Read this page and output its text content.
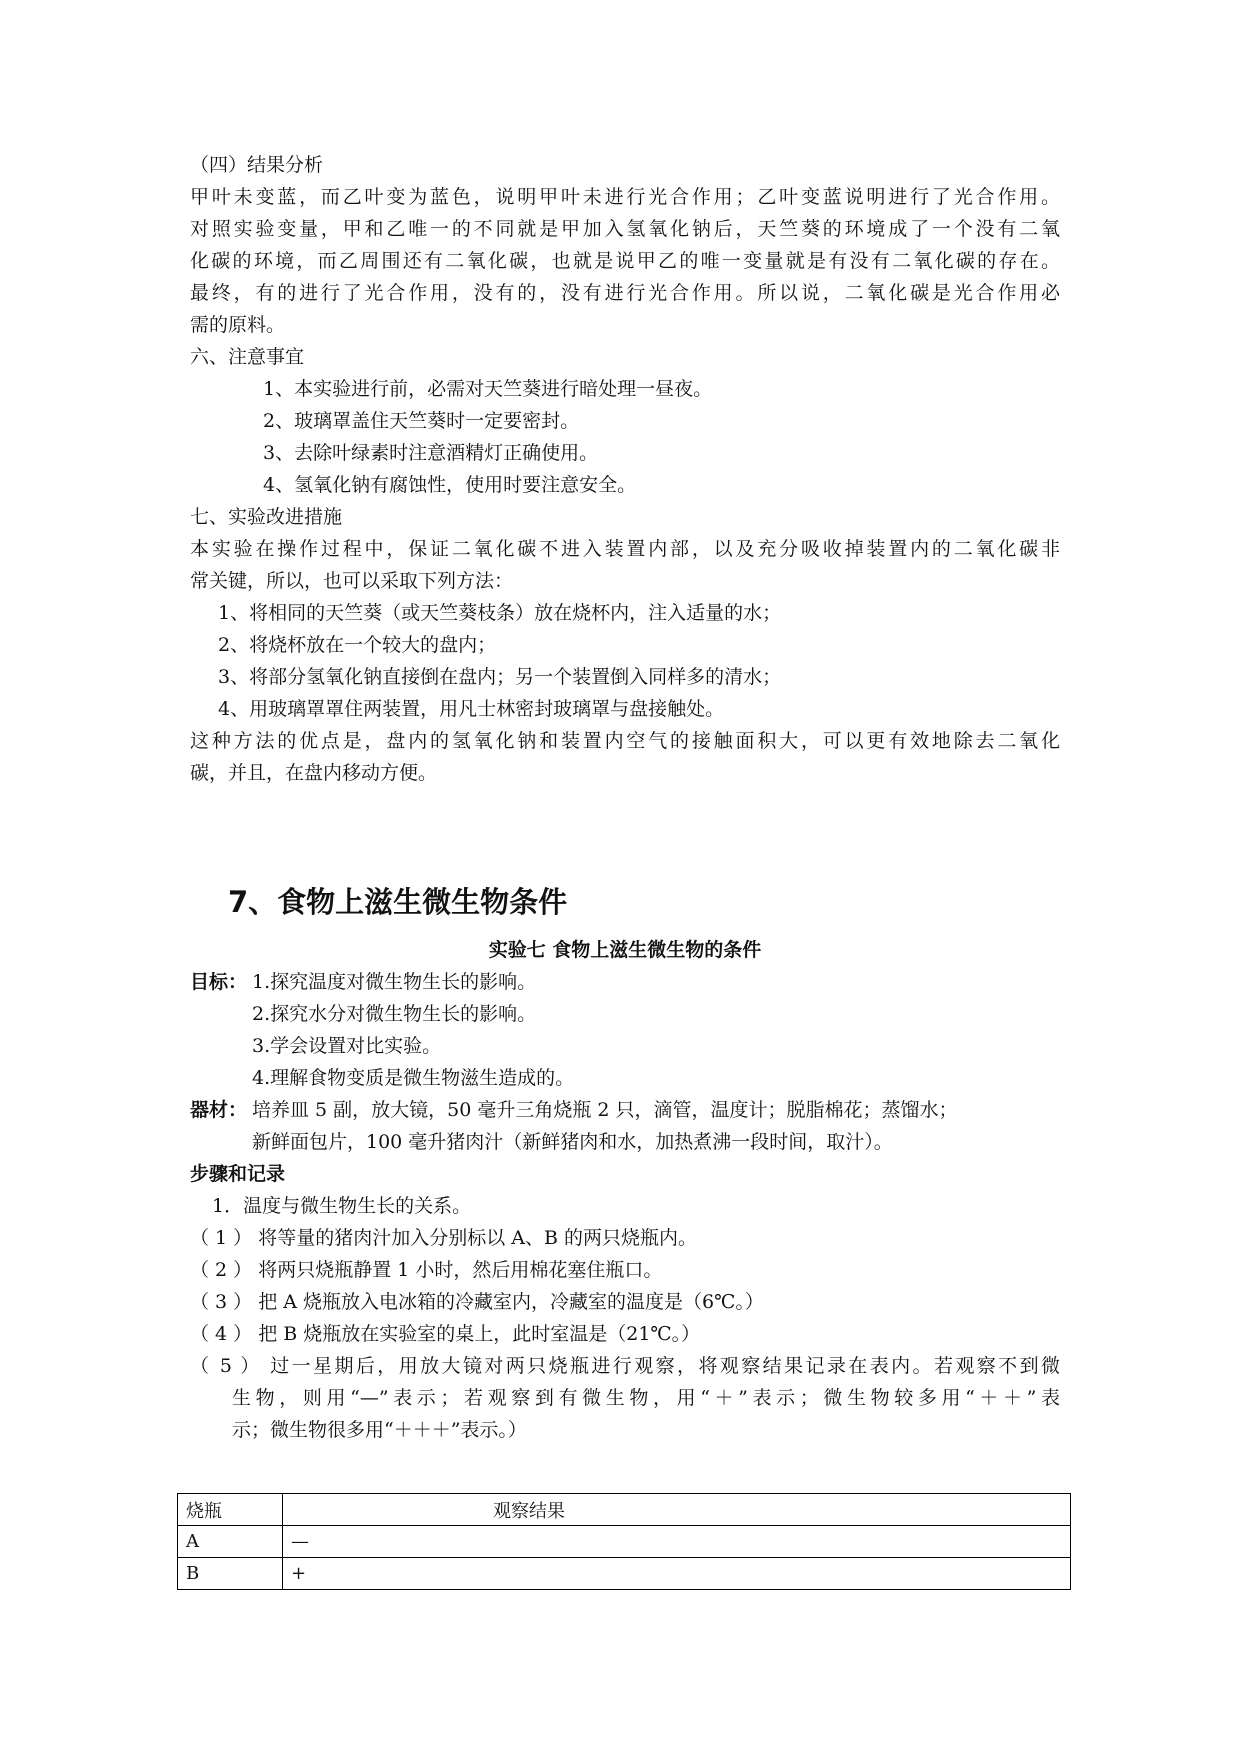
（四）结果分析
甲叶未变蓝，而乙叶变为蓝色，说明甲叶未进行光合作用；乙叶变蓝说明进行了光合作用。
对照实验变量，甲和乙唯一的不同就是甲加入氢氧化钠后，天竺葵的环境成了一个没有二氧
化碳的环境，而乙周围还有二氧化碳，也就是说甲乙的唯一变量就是有没有二氧化碳的存在。
最终，有的进行了光合作用，没有的，没有进行光合作用。所以说，二氧化碳是光合作用必
需的原料。
六、注意事宜
1、本实验进行前，必需对天竺葵进行暗处理一昼夜。
2、玻璃罩盖住天竺葵时一定要密封。
3、去除叶绿素时注意酒精灯正确使用。
4、氢氧化钠有腐蚀性，使用时要注意安全。
七、实验改进措施
本实验在操作过程中，保证二氧化碳不进入装置内部，以及充分吸收掉装置内的二氧化碳非
常关键，所以，也可以采取下列方法：
1、将相同的天竺葵（或天竺葵枝条）放在烧杯内，注入适量的水；
2、将烧杯放在一个较大的盘内；
3、将部分氢氧化钠直接倒在盘内；另一个装置倒入同样多的清水；
4、用玻璃罩罩住两装置，用凡士林密封玻璃罩与盘接触处。
这种方法的优点是，盘内的氢氧化钠和装置内空气的接触面积大，可以更有效地除去二氧化
碳，并且，在盘内移动方便。
7、食物上滋生微生物条件
实验七 食物上滋生微生物的条件
目标： 1.探究温度对微生物生长的影响。
2.探究水分对微生物生长的影响。
3.学会设置对比实验。
4.理解食物变质是微生物滋生造成的。
器材： 培养皿 5 副，放大镜，50 毫升三角烧瓶 2 只，滴管，温度计；脱脂棉花；蒸馏水；
新鲜面包片，100 毫升猪肉汁（新鲜猪肉和水，加热煮沸一段时间，取汁）。
步骤和记录
1．温度与微生物生长的关系。
（ 1 ） 将等量的猪肉汁加入分别标以 A、B 的两只烧瓶内。
（ 2 ） 将两只烧瓶静置 1 小时，然后用棉花塞住瓶口。
（ 3 ） 把 A 烧瓶放入电冰箱的冷藏室内，冷藏室的温度是（6℃。）
（ 4 ） 把 B 烧瓶放在实验室的桌上，此时室温是（21℃。）
（ 5 ） 过一星期后，用放大镜对两只烧瓶进行观察，将观察结果记录在表内。若观察不到微
生物，则用“—”表示；若观察到有微生物，用“＋”表示；微生物较多用“＋＋”表
示；微生物很多用“＋＋＋”表示。）
烧瓶	观察结果
A	—
B	+
